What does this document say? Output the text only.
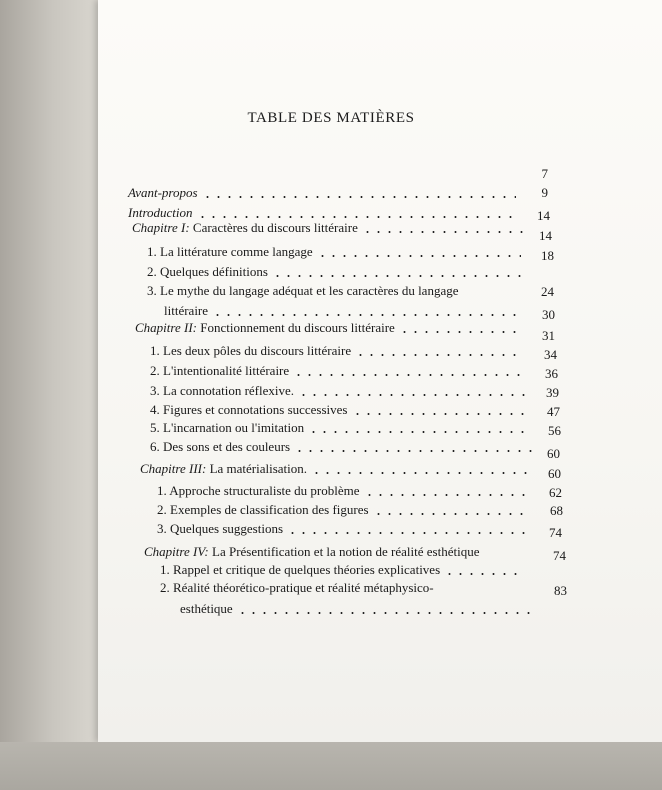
TABLE DES MATIÈRES
Avant-propos
7
Introduction
9
Chapitre I: Caractères du discours littéraire
14
1. La littérature comme langage
14
2. Quelques définitions
18
3. Le mythe du langage adéquat et les caractères du langage
littéraire
24
Chapitre II: Fonctionnement du discours littéraire
30
1. Les deux pôles du discours littéraire
31
2. L'intentionalité littéraire
34
3. La connotation réflexive.
36
4. Figures et connotations successives
39
5. L'incarnation ou l'imitation
47
6. Des sons et des couleurs
56
Chapitre III: La matérialisation.
60
1. Approche structuraliste du problème
60
2. Exemples de classification des figures
62
3. Quelques suggestions
68
Chapitre IV: La Présentification et la notion de réalité esthétique
74
1. Rappel et critique de quelques théories explicatives
74
2. Réalité théorético-pratique et réalité métaphysico-
esthétique
83
